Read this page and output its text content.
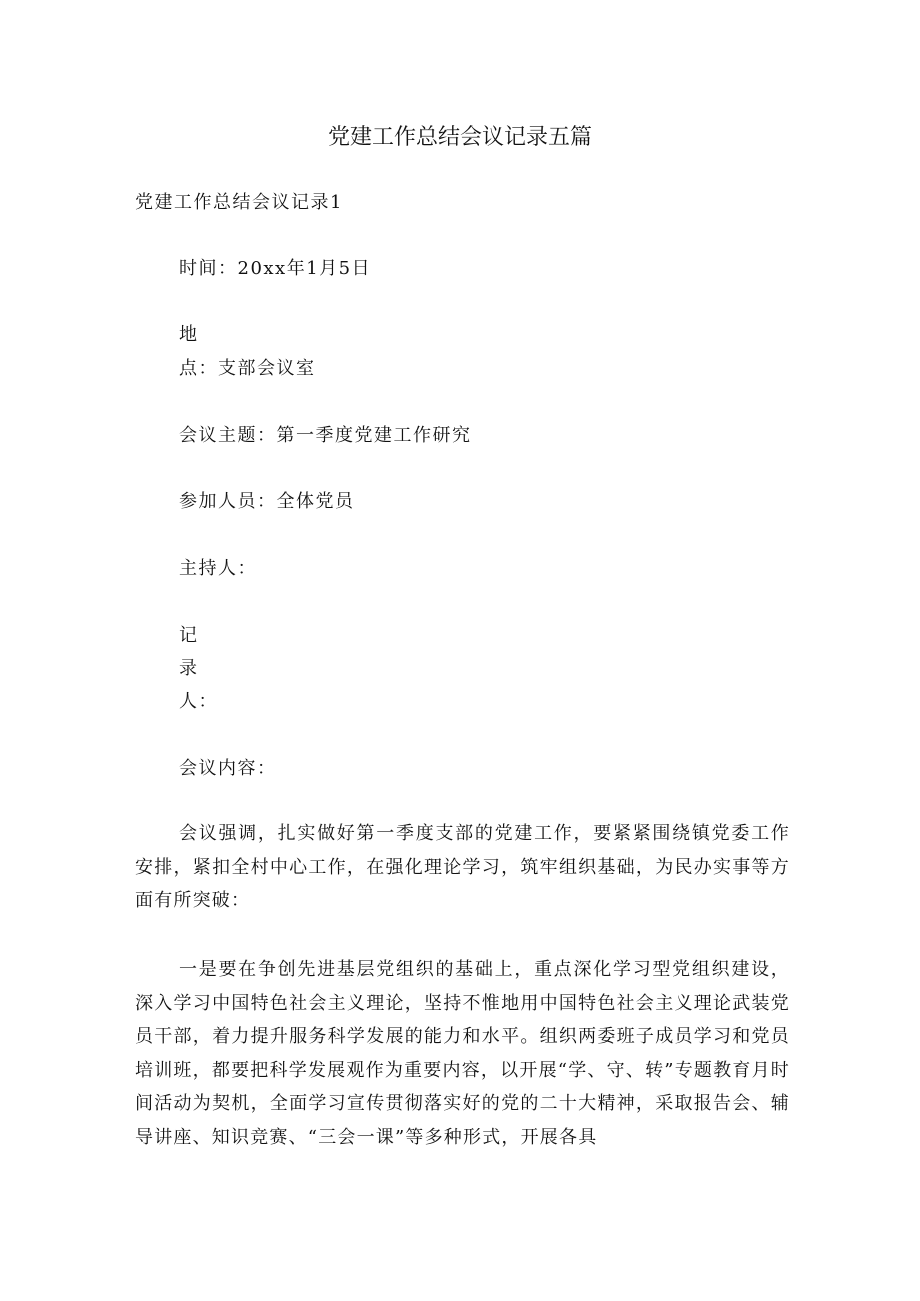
党建工作总结会议记录五篇
党建工作总结会议记录1
时间：20xx年1月5日
地
点：支部会议室
会议主题：第一季度党建工作研究
参加人员：全体党员
主持人：
记
录
人：
会议内容：
会议强调，扎实做好第一季度支部的党建工作，要紧紧围绕镇党委工作安排，紧扣全村中心工作，在强化理论学习，筑牢组织基础，为民办实事等方面有所突破：
一是要在争创先进基层党组织的基础上，重点深化学习型党组织建设，深入学习中国特色社会主义理论，坚持不惟地用中国特色社会主义理论武装党员干部，着力提升服务科学发展的能力和水平。组织两委班子成员学习和党员培训班，都要把科学发展观作为重要内容，以开展“学、守、转”专题教育月时间活动为契机，全面学习宣传贯彻落实好的党的二十大精神，采取报告会、辅导讲座、知识竞赛、“三会一课”等多种形式，开展各具
